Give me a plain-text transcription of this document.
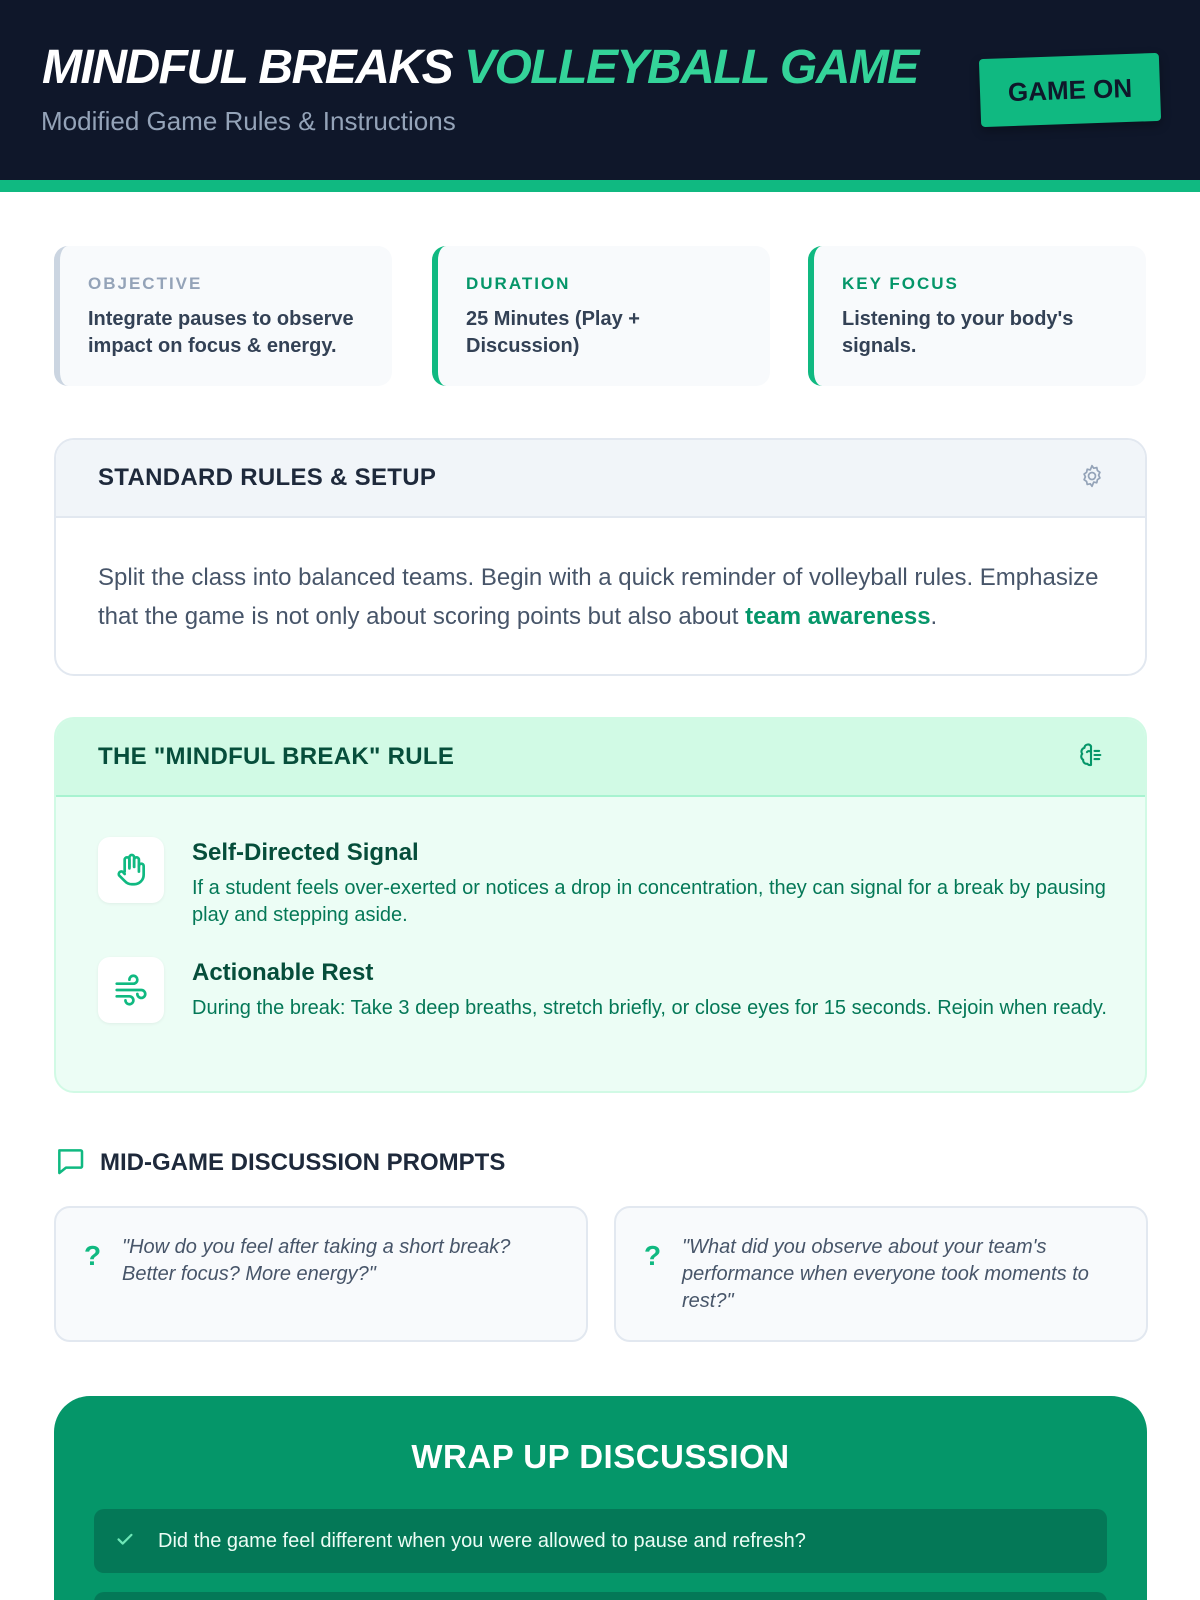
MINDFUL BREAKS VOLLEYBALL GAME
Modified Game Rules & Instructions
GAME ON
OBJECTIVE
Integrate pauses to observe impact on focus & energy.
DURATION
25 Minutes (Play + Discussion)
KEY FOCUS
Listening to your body's signals.
STANDARD RULES & SETUP
Split the class into balanced teams. Begin with a quick reminder of volleyball rules. Emphasize that the game is not only about scoring points but also about team awareness.
THE "MINDFUL BREAK" RULE
Self-Directed Signal
If a student feels over-exerted or notices a drop in concentration, they can signal for a break by pausing play and stepping aside.
Actionable Rest
During the break: Take 3 deep breaths, stretch briefly, or close eyes for 15 seconds. Rejoin when ready.
MID-GAME DISCUSSION PROMPTS
? "How do you feel after taking a short break? Better focus? More energy?"
? "What did you observe about your team's performance when everyone took moments to rest?"
WRAP UP DISCUSSION
Did the game feel different when you were allowed to pause and refresh?
